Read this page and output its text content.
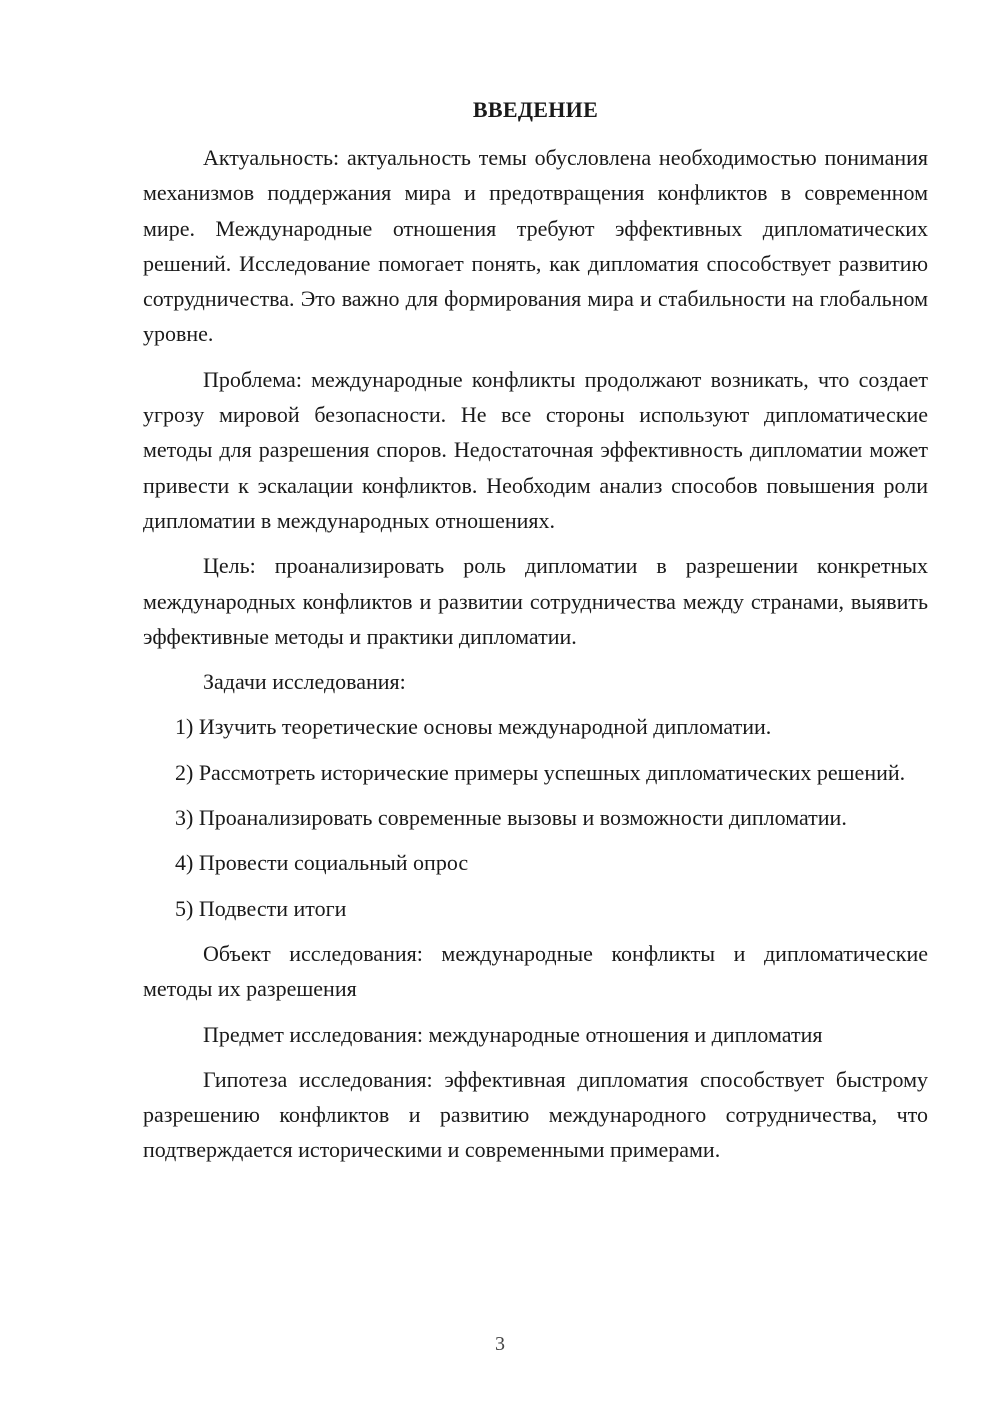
ВВЕДЕНИЕ

Актуальность: актуальность темы обусловлена необходимостью понимания механизмов поддержания мира и предотвращения конфликтов в современном мире. Международные отношения требуют эффективных дипломатических решений. Исследование помогает понять, как дипломатия способствует развитию сотрудничества. Это важно для формирования мира и стабильности на глобальном уровне.

Проблема: международные конфликты продолжают возникать, что создает угрозу мировой безопасности. Не все стороны используют дипломатические методы для разрешения споров. Недостаточная эффективность дипломатии может привести к эскалации конфликтов. Необходим анализ способов повышения роли дипломатии в международных отношениях.

Цель: проанализировать роль дипломатии в разрешении конкретных международных конфликтов и развитии сотрудничества между странами, выявить эффективные методы и практики дипломатии.

Задачи исследования:

1) Изучить теоретические основы международной дипломатии.

2) Рассмотреть исторические примеры успешных дипломатических решений.

3) Проанализировать современные вызовы и возможности дипломатии.

4) Провести социальный опрос

5) Подвести итоги

Объект исследования: международные конфликты и дипломатические методы их разрешения

Предмет исследования: международные отношения и дипломатия

Гипотеза исследования: эффективная дипломатия способствует быстрому разрешению конфликтов и развитию международного сотрудничества, что подтверждается историческими и современными примерами.

3
